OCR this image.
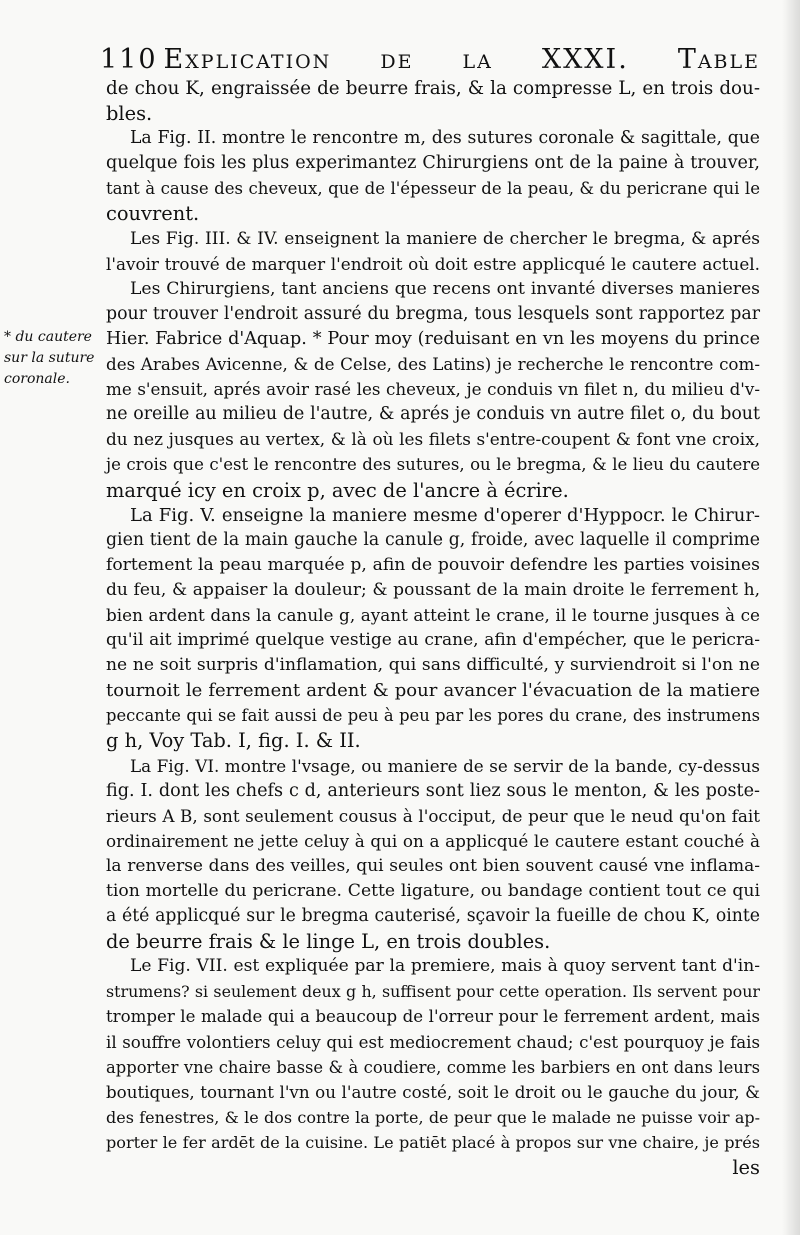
110 Explication de la XXXI. Table
* du cautere
sur la suture
coronale.
de chou K, engraissée de beurre frais, & la compresse L, en trois dou-
bles.
La Fig. II. montre le rencontre m, des sutures coronale & sagittale, que
quelque fois les plus experimantez Chirurgiens ont de la paine à trouver,
tant à cause des cheveux, que de l'épesseur de la peau, & du pericrane qui le
couvrent.
Les Fig. III. & IV. enseignent la maniere de chercher le bregma, & aprés
l'avoir trouvé de marquer l'endroit où doit estre applicqué le cautere actuel.
Les Chirurgiens, tant anciens que recens ont invanté diverses manieres
pour trouver l'endroit assuré du bregma, tous lesquels sont rapportez par
Hier. Fabrice d'Aquap. * Pour moy (reduisant en vn les moyens du prince
des Arabes Avicenne, & de Celse, des Latins) je recherche le rencontre com-
me s'ensuit, aprés avoir rasé les cheveux, je conduis vn filet n, du milieu d'v-
ne oreille au milieu de l'autre, & aprés je conduis vn autre filet o, du bout
du nez jusques au vertex, & là où les filets s'entre-coupent & font vne croix,
je crois que c'est le rencontre des sutures, ou le bregma, & le lieu du cautere
marqué icy en croix p, avec de l'ancre à écrire.
La Fig. V. enseigne la maniere mesme d'operer d'Hyppocr. le Chirur-
gien tient de la main gauche la canule g, froide, avec laquelle il comprime
fortement la peau marquée p, afin de pouvoir defendre les parties voisines
du feu, & appaiser la douleur; & poussant de la main droite le ferrement h,
bien ardent dans la canule g, ayant atteint le crane, il le tourne jusques à ce
qu'il ait imprimé quelque vestige au crane, afin d'empécher, que le pericra-
ne ne soit surpris d'inflamation, qui sans difficulté, y surviendroit si l'on ne
tournoit le ferrement ardent & pour avancer l'évacuation de la matiere
peccante qui se fait aussi de peu à peu par les pores du crane, des instrumens
g h, Voy Tab. I, fig. I. & II.
La Fig. VI. montre l'vsage, ou maniere de se servir de la bande, cy-dessus
fig. I. dont les chefs c d, anterieurs sont liez sous le menton, & les poste-
rieurs A B, sont seulement cousus à l'occiput, de peur que le neud qu'on fait
ordinairement ne jette celuy à qui on a applicqué le cautere estant couché à
la renverse dans des veilles, qui seules ont bien souvent causé vne inflama-
tion mortelle du pericrane. Cette ligature, ou bandage contient tout ce qui
a été applicqué sur le bregma cauterisé, sçavoir la fueille de chou K, ointe
de beurre frais & le linge L, en trois doubles.
Le Fig. VII. est expliquée par la premiere, mais à quoy servent tant d'in-
strumens? si seulement deux g h, suffisent pour cette operation. Ils servent pour
tromper le malade qui a beaucoup de l'orreur pour le ferrement ardent, mais
il souffre volontiers celuy qui est mediocrement chaud; c'est pourquoy je fais
apporter vne chaire basse & à coudiere, comme les barbiers en ont dans leurs
boutiques, tournant l'vn ou l'autre costé, soit le droit ou le gauche du jour, &
des fenestres, & le dos contre la porte, de peur que le malade ne puisse voir ap-
porter le fer ardēt de la cuisine. Le patiēt placé à propos sur vne chaire, je prés
les
